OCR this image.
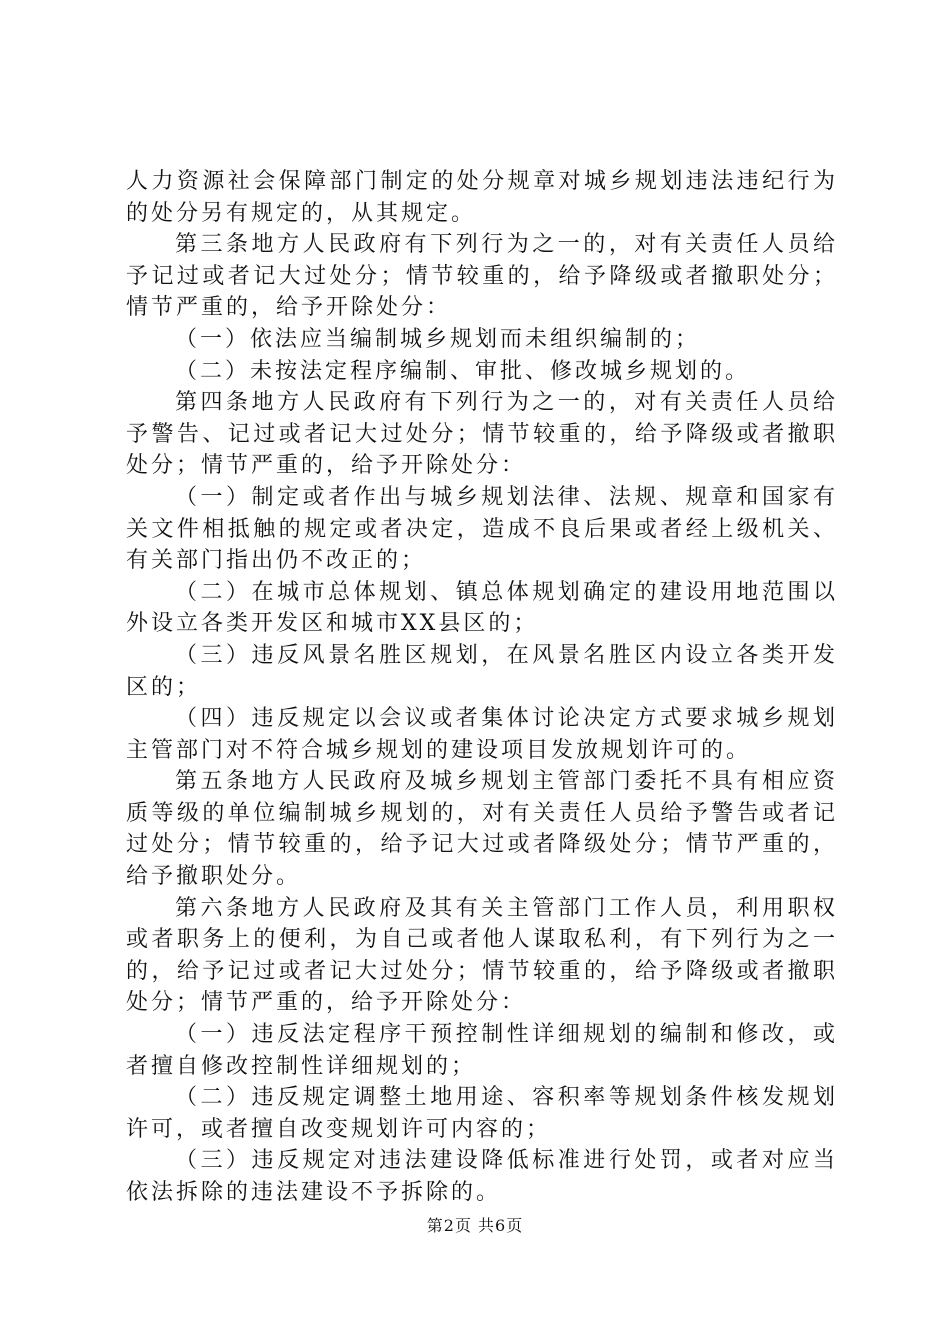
人力资源社会保障部门制定的处分规章对城乡规划违法违纪行为的处分另有规定的，从其规定。

第三条地方人民政府有下列行为之一的，对有关责任人员给予记过或者记大过处分；情节较重的，给予降级或者撤职处分；情节严重的，给予开除处分：

（一）依法应当编制城乡规划而未组织编制的；

（二）未按法定程序编制、审批、修改城乡规划的。

第四条地方人民政府有下列行为之一的，对有关责任人员给予警告、记过或者记大过处分；情节较重的，给予降级或者撤职处分；情节严重的，给予开除处分：

（一）制定或者作出与城乡规划法律、法规、规章和国家有关文件相抵触的规定或者决定，造成不良后果或者经上级机关、有关部门指出仍不改正的；

（二）在城市总体规划、镇总体规划确定的建设用地范围以外设立各类开发区和城市XX县区的；

（三）违反风景名胜区规划，在风景名胜区内设立各类开发区的；

（四）违反规定以会议或者集体讨论决定方式要求城乡规划主管部门对不符合城乡规划的建设项目发放规划许可的。

第五条地方人民政府及城乡规划主管部门委托不具有相应资质等级的单位编制城乡规划的，对有关责任人员给予警告或者记过处分；情节较重的，给予记大过或者降级处分；情节严重的，给予撤职处分。

第六条地方人民政府及其有关主管部门工作人员，利用职权或者职务上的便利，为自己或者他人谋取私利，有下列行为之一的，给予记过或者记大过处分；情节较重的，给予降级或者撤职处分；情节严重的，给予开除处分：

（一）违反法定程序干预控制性详细规划的编制和修改，或者擅自修改控制性详细规划的；

（二）违反规定调整土地用途、容积率等规划条件核发规划许可，或者擅自改变规划许可内容的；

（三）违反规定对违法建设降低标准进行处罚，或者对应当依法拆除的违法建设不予拆除的。

第2页 共6页
